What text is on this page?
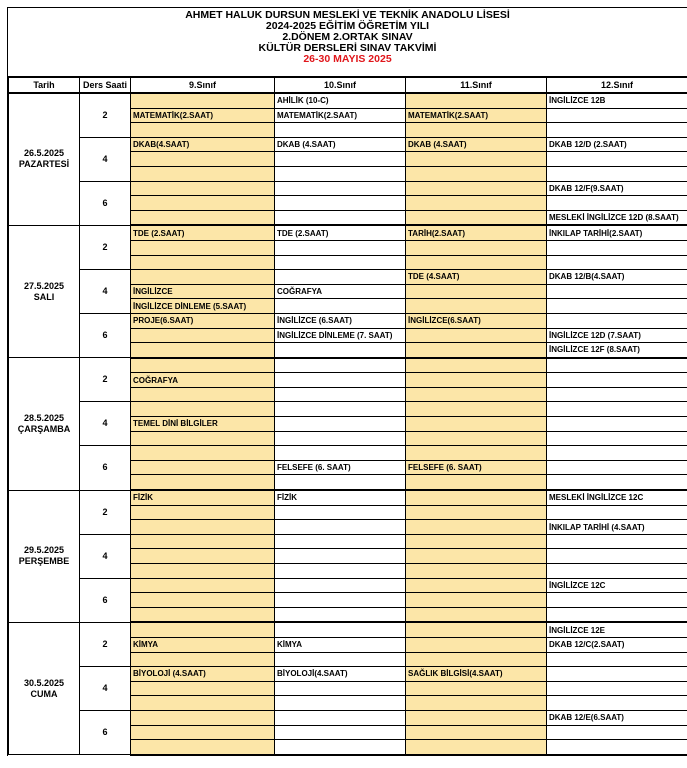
AHMET HALUK DURSUN MESLEKİ VE TEKNİK ANADOLU LİSESİ
2024-2025 EĞİTİM ÖĞRETİM YILI
2.DÖNEM 2.ORTAK SINAV
KÜLTÜR DERSLERİ SINAV TAKVİMİ
26-30 MAYIS 2025
Tarih	Ders Saati	9.Sınıf	10.Sınıf	11.Sınıf	12.Sınıf

26.5.2025
PAZARTESİ	2		AHİLİK (10-C)		İNGİLİZCE 12B
		MATEMATİK(2.SAAT)	MATEMATİK(2.SAAT)	MATEMATİK(2.SAAT)	

	4	DKAB(4.SAAT)	DKAB (4.SAAT)	DKAB (4.SAAT)	DKAB 12/D (2.SAAT)

	6				DKAB 12/F(9.SAAT)

					MESLEKİ İNGİLİZCE 12D (8.SAAT)

27.5.2025
SALI	2	TDE (2.SAAT)	TDE (2.SAAT)	TARİH(2.SAAT)	İNKILAP TARİHİ(2.SAAT)

	4			TDE (4.SAAT)	DKAB 12/B(4.SAAT)
		İNGİLİZCE	COĞRAFYA		
		İNGİLİZCE DİNLEME (5.SAAT)			
	6	PROJE(6.SAAT)	İNGİLİZCE (6.SAAT)	İNGİLİZCE(6.SAAT)	
			İNGİLİZCE DİNLEME (7. SAAT)		İNGİLİZCE 12D (7.SAAT)
					İNGİLİZCE 12F (8.SAAT)

28.5.2025
ÇARŞAMBA	2				
		COĞRAFYA			

	4				
		TEMEL DİNİ BİLGİLER			

	6				
			FELSEFE (6. SAAT)	FELSEFE (6. SAAT)	

29.5.2025
PERŞEMBE	2	FİZİK	FİZİK		MESLEKİ İNGİLİZCE 12C

					İNKILAP TARİHİ (4.SAAT)
	4				

	6				İNGİLİZCE 12C

30.5.2025
CUMA	2				İNGİLİZCE 12E
		KİMYA	KİMYA		DKAB 12/C(2.SAAT)

	4	BİYOLOJİ (4.SAAT)	BİYOLOJİ(4.SAAT)	SAĞLIK BİLGİSİ(4.SAAT)	

	6				DKAB 12/E(6.SAAT)
